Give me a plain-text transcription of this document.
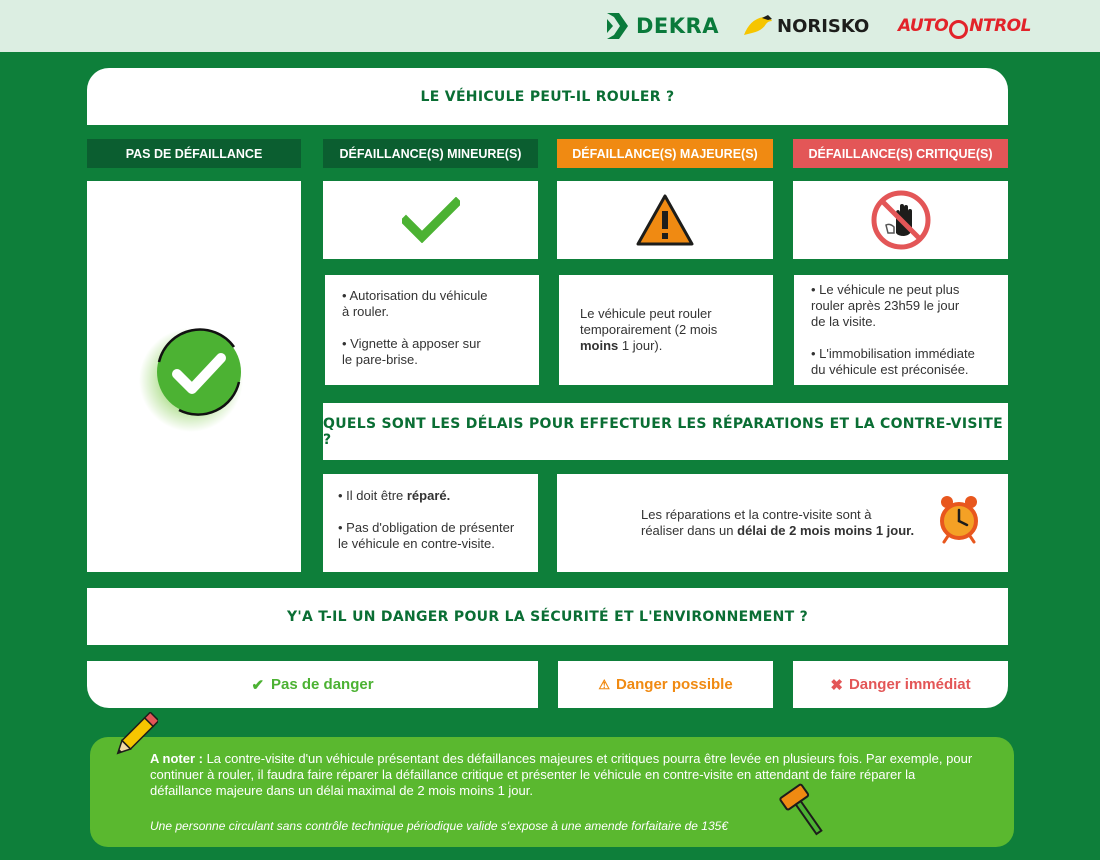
DEKRA	NORISKO AUTO NTROL
LE VÉHICULE PEUT-IL ROULER ?
PAS DE DÉFAILLANCE	DÉFAILLANCE(S) MINEURE(S)	DÉFAILLANCE(S) MAJEURE(S)	DÉFAILLANCE(S) CRITIQUE(S)
• Autorisation du véhicule
à rouler.
• Vignette à apposer sur
le pare-brise.
Le véhicule peut rouler
temporairement (2 mois
moins 1 jour).
• Le véhicule ne peut plus
rouler après 23h59 le jour
de la visite.
• L'immobilisation immédiate
du véhicule est préconisée.
QUELS SONT LES DÉLAIS POUR EFFECTUER LES RÉPARATIONS ET LA CONTRE-VISITE ?
• Il doit être réparé.
• Pas d'obligation de présenter
le véhicule en contre-visite.
Les réparations et la contre-visite sont à
réaliser dans un délai de 2 mois moins 1 jour.
Y'A T-IL UN DANGER POUR LA SÉCURITÉ ET L'ENVIRONNEMENT ?
✔ Pas de danger	⚠ Danger possible	✖ Danger immédiat
A noter : La contre-visite d'un véhicule présentant des défaillances majeures et critiques pourra être levée en plusieurs fois. Par exemple, pour continuer à rouler, il faudra faire réparer la défaillance critique et présenter le véhicule en contre-visite en attendant de faire réparer la défaillance majeure dans un délai maximal de 2 mois moins 1 jour.
Une personne circulant sans contrôle technique périodique valide s'expose à une amende forfaitaire de 135€
